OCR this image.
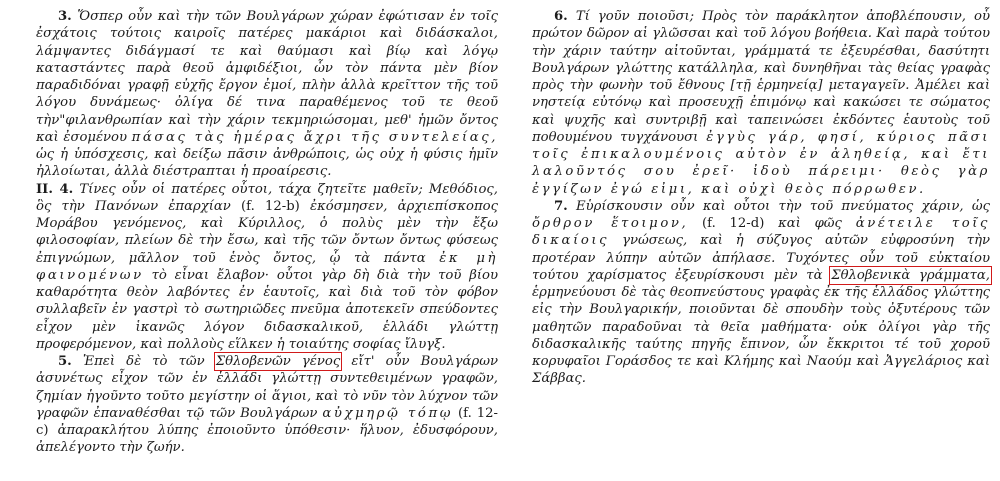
3. Ὅσπερ οὖν καὶ τὴν τῶν Βουλγάρων χώραν ἐφώτισαν ἐν τοῖς ἐσχάτοις τούτοις καιροῖς πατέρες μακάριοι καὶ διδάσκαλοι, λάμψαντες διδάγμασί τε καὶ θαύμασι καὶ βίῳ καὶ λόγῳ καταστάντες παρὰ θεοῦ ἀμφιδέξιοι, ὧν τὸν πάντα μὲν βίον παραδιδόναι γραφῇ εὐχῆς ἔργον ἐμοί, πλὴν ἀλλὰ κρεῖττον τῆς τοῦ λόγου δυνάμεως· ὀλίγα δέ τινα παραθέμενος τοῦ τε θεοῦ τὴν"φιλανθρωπίαν καὶ τὴν χάριν τεκμηριώσομαι, μεθ' ἡμῶν ὄντος καὶ ἐσομένου πάσας τὰς ἡμέρας ἄχρι τῆς συντελείας, ὡς ἡ ὑπόσχεσις, καὶ δείξω πᾶσιν ἀνθρώποις, ὡς οὐχ ἡ φύσις ἡμῖν ἠλλοίωται, ἀλλὰ διέστραπται ἡ προαίρεσις.

II. 4. Τίνες οὖν οἱ πατέρες οὗτοι, τάχα ζητεῖτε μαθεῖν; Μεθόδιος, ὃς τὴν Πανόνων ἐπαρχίαν (f. 12-b) ἐκόσμησεν, ἀρχιεπίσκοπος Μοράβου γενόμενος, καὶ Κύριλλος, ὁ πολὺς μὲν τὴν ἔξω φιλοσοφίαν, πλείων δὲ τὴν ἔσω, καὶ τῆς τῶν ὄντων ὄντως φύσεως ἐπιγνώμων, μᾶλλον τοῦ ἑνὸς ὄντος, ᾧ τὰ πάντα ἐκ μὴ φαινομένων τὸ εἶναι ἔλαβον· οὗτοι γὰρ δὴ διὰ τὴν τοῦ βίου καθαρότητα θεὸν λαβόντες ἐν ἑαυτοῖς, καὶ διὰ τοῦ τὸν φόβον συλλαβεῖν ἐν γαστρὶ τὸ σωτηριῶδες πνεῦμα ἀποτεκεῖν σπεύδοντες εἶχον μὲν ἱκανῶς λόγον διδασκαλικοῦ, ἑλλάδι γλώττῃ προφερόμενον, καὶ πολλοὺς εἵλκεν ἡ τοιαύτης σοφίας ἴλυγξ.

5. Ἐπεὶ δὲ τὸ τῶν Σθλοβενῶν γένος εἴτ' οὖν Βουλγάρων ἀσυνέτως εἶχον τῶν ἐν ἑλλάδι γλώττῃ συντεθειμένων γραφῶν, ζημίαν ἡγοῦντο τοῦτο μεγίστην οἱ ἅγιοι, καὶ τὸ νῦν τὸν λύχνον τῶν γραφῶν ἐπαναθέσθαι τῷ τῶν Βουλγάρων αὐχμηρῷ τόπῳ (f. 12-c) ἀπαρακλήτου λύπης ἐποιοῦντο ὑπόθεσιν· ἥλυον, ἐδυσφόρουν, ἀπελέγοντο τὴν ζωήν.

6. Τί γοῦν ποιοῦσι; Πρὸς τὸν παράκλητον ἀποβλέπουσιν, οὗ πρώτον δῶρον αἱ γλῶσσαι καὶ τοῦ λόγου βοήθεια. Καὶ παρὰ τούτου τὴν χάριν ταύτην αἰτοῦνται, γράμματά τε ἐξευρέσθαι, δασύτητι Βουλγάρων γλώττης κατάλληλα, καὶ δυνηθῆναι τὰς θείας γραφὰς πρὸς τὴν φωνὴν τοῦ ἔθνους [τῇ ἑρμηνείᾳ] μεταγαγεῖν. Ἀμέλει καὶ νηστείᾳ εὐτόνῳ καὶ προσευχῇ ἐπιμόνῳ καὶ κακώσει τε σώματος καὶ ψυχῆς καὶ συντριβῇ καὶ ταπεινώσει ἐκδόντες ἑαυτοὺς τοῦ ποθουμένου τυγχάνουσι ἐγγὺς γάρ, φησί, κύριος πᾶσι τοῖς ἐπικαλουμένοις αὐτὸν ἐν ἀληθείᾳ, καὶ ἔτι λαλοῦντός σου ἐρεῖ· ἰδοὺ πάρειμι· θεὸς γὰρ ἐγγίζων ἐγώ εἰμι, καὶ οὐχὶ θεὸς πόρρωθεν.

7. Εὑρίσκουσιν οὖν καὶ οὗτοι τὴν τοῦ πνεύματος χάριν, ὡς ὄρθρον ἕτοιμον, (f. 12-d) καὶ φῶς ἀνέτειλε τοῖς δικαίοις γνώσεως, καὶ ἡ σύζυγος αὐτῶν εὐφροσύνη τὴν προτέραν λύπην αὐτῶν ἀπήλασε. Τυχόντες οὖν τοῦ εὐκταίου τούτου χαρίσματος ἐξευρίσκουσι μὲν τὰ Σθλοβενικὰ γράμματα, ἑρμηνεύουσι δὲ τὰς θεοπνεύστους γραφὰς ἐκ τῆς ἑλλάδος γλώττης εἰς τὴν Βουλγαρικήν, ποιοῦνται δὲ σπουδὴν τοὺς ὀξυτέρους τῶν μαθητῶν παραδοῦναι τὰ θεῖα μαθήματα· οὐκ ὀλίγοι γὰρ τῆς διδασκαλικῆς ταύτης πηγῆς ἔπινον, ὧν ἔκκριτοι τέ τοῦ χοροῦ κορυφαῖοι Γοράσδος τε καὶ Κλήμης καὶ Ναούμ καὶ Ἀγγελάριος καὶ Σάββας.
